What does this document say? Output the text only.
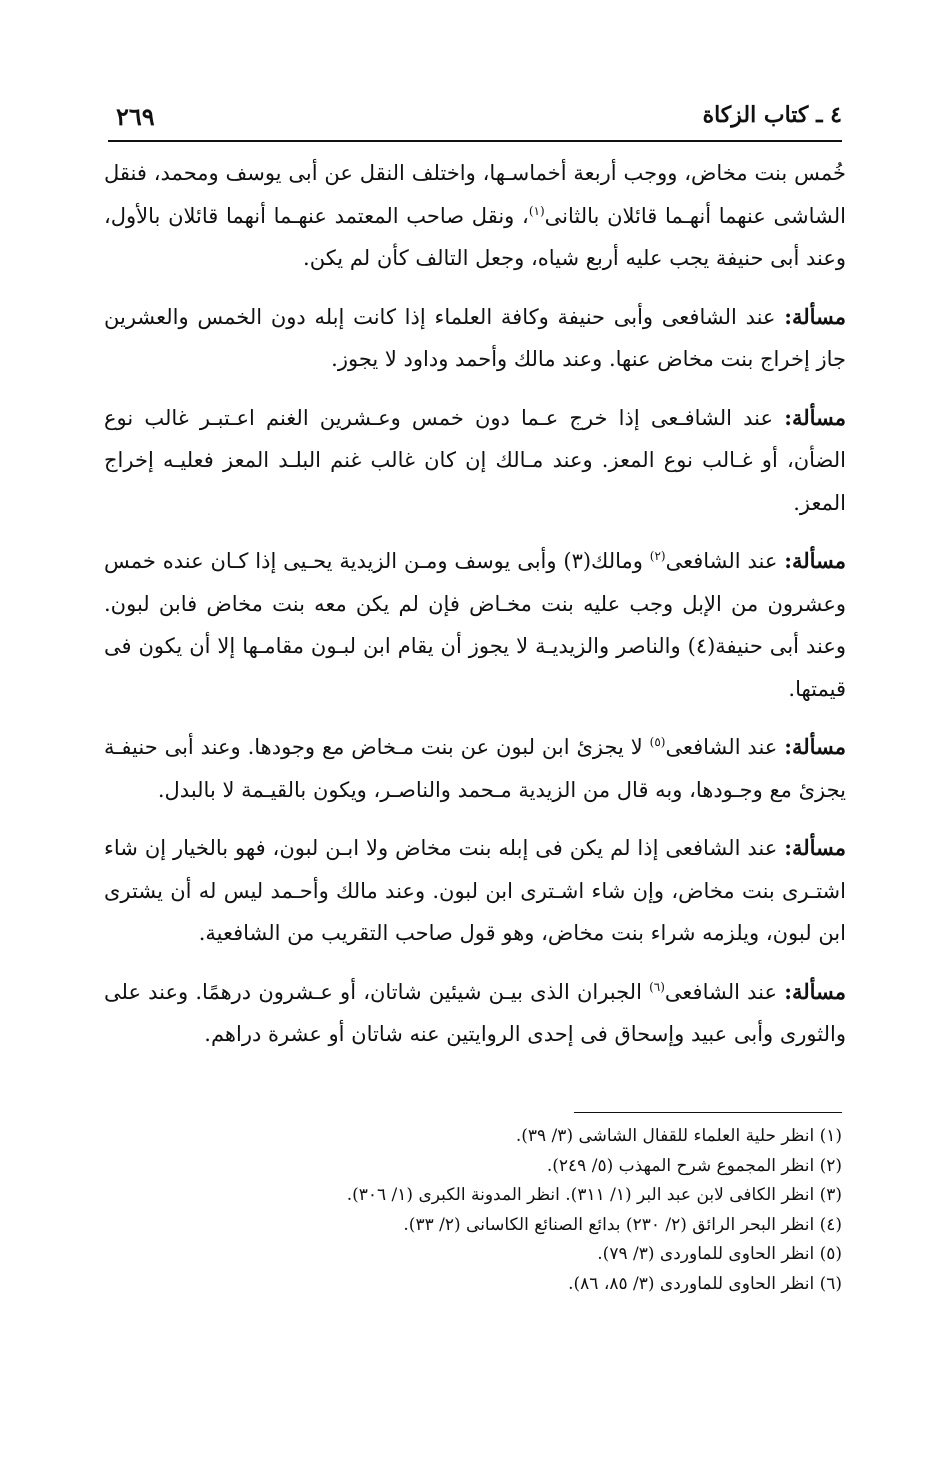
٤ ـ كتاب الزكاة
٢٦٩

خُمس بنت مخاض، ووجب أربعة أخماسـها، واختلف النقل عن أبى يوسف ومحمد، فنقل الشاشى عنهما أنهـما قائلان بالثانى$^{(١)}$، ونقل صاحب المعتمد عنهـما أنهما قائلان بالأول، وعند أبى حنيفة يجب عليه أربع شياه، وجعل التالف كأن لم يكن.

مسألة: عند الشافعى وأبى حنيفة وكافة العلماء إذا كانت إبله دون الخمس والعشرين جاز إخراج بنت مخاض عنها. وعند مالك وأحمد وداود لا يجوز.

مسألة: عند الشافـعى إذا خرج عـما دون خمس وعـشرين الغنم اعـتبـر غالب نوع الضأن، أو غـالب نوع المعز. وعند مـالك إن كان غالب غنم البلـد المعز فعليـه إخراج المعز.

مسألة: عند الشافعى$^{(٢)}$ ومالك(٣) وأبى يوسف ومـن الزيدية يحـيى إذا كـان عنده خمس وعشرون من الإبل وجب عليه بنت مخـاض فإن لم يكن معه بنت مخاض فابن لبون. وعند أبى حنيفة(٤) والناصر والزيديـة لا يجوز أن يقام ابن لبـون مقامـها إلا أن يكون فى قيمتها.

مسألة: عند الشافعى$^{(٥)}$ لا يجزئ ابن لبون عن بنت مـخاض مع وجودها. وعند أبى حنيفـة يجزئ مع وجـودها، وبه قال من الزيدية مـحمد والناصـر، ويكون بالقيـمة لا بالبدل.

مسألة: عند الشافعى إذا لم يكن فى إبله بنت مخاض ولا ابـن لبون، فهو بالخيار إن شاء اشتـرى بنت مخاض، وإن شاء اشـترى ابن لبون. وعند مالك وأحـمد ليس له أن يشترى ابن لبون، ويلزمه شراء بنت مخاض، وهو قول صاحب التقريب من الشافعية.

مسألة: عند الشافعى$^{(٦)}$ الجبران الذى بيـن شيئين شاتان، أو عـشرون درهمًا. وعند على والثورى وأبى عبيد وإسحاق فى إحدى الروايتين عنه شاتان أو عشرة دراهم.

(١) انظر حلية العلماء للقفال الشاشى (٣/ ٣٩).
(٢) انظر المجموع شرح المهذب (٥/ ٢٤٩).
(٣) انظر الكافى لابن عبد البر (١/ ٣١١). انظر المدونة الكبرى (١/ ٣٠٦).
(٤) انظر البحر الرائق (٢/ ٢٣٠) بدائع الصنائع الكاسانى (٢/ ٣٣).
(٥) انظر الحاوى للماوردى (٣/ ٧٩).
(٦) انظر الحاوى للماوردى (٣/ ٨٥، ٨٦).
